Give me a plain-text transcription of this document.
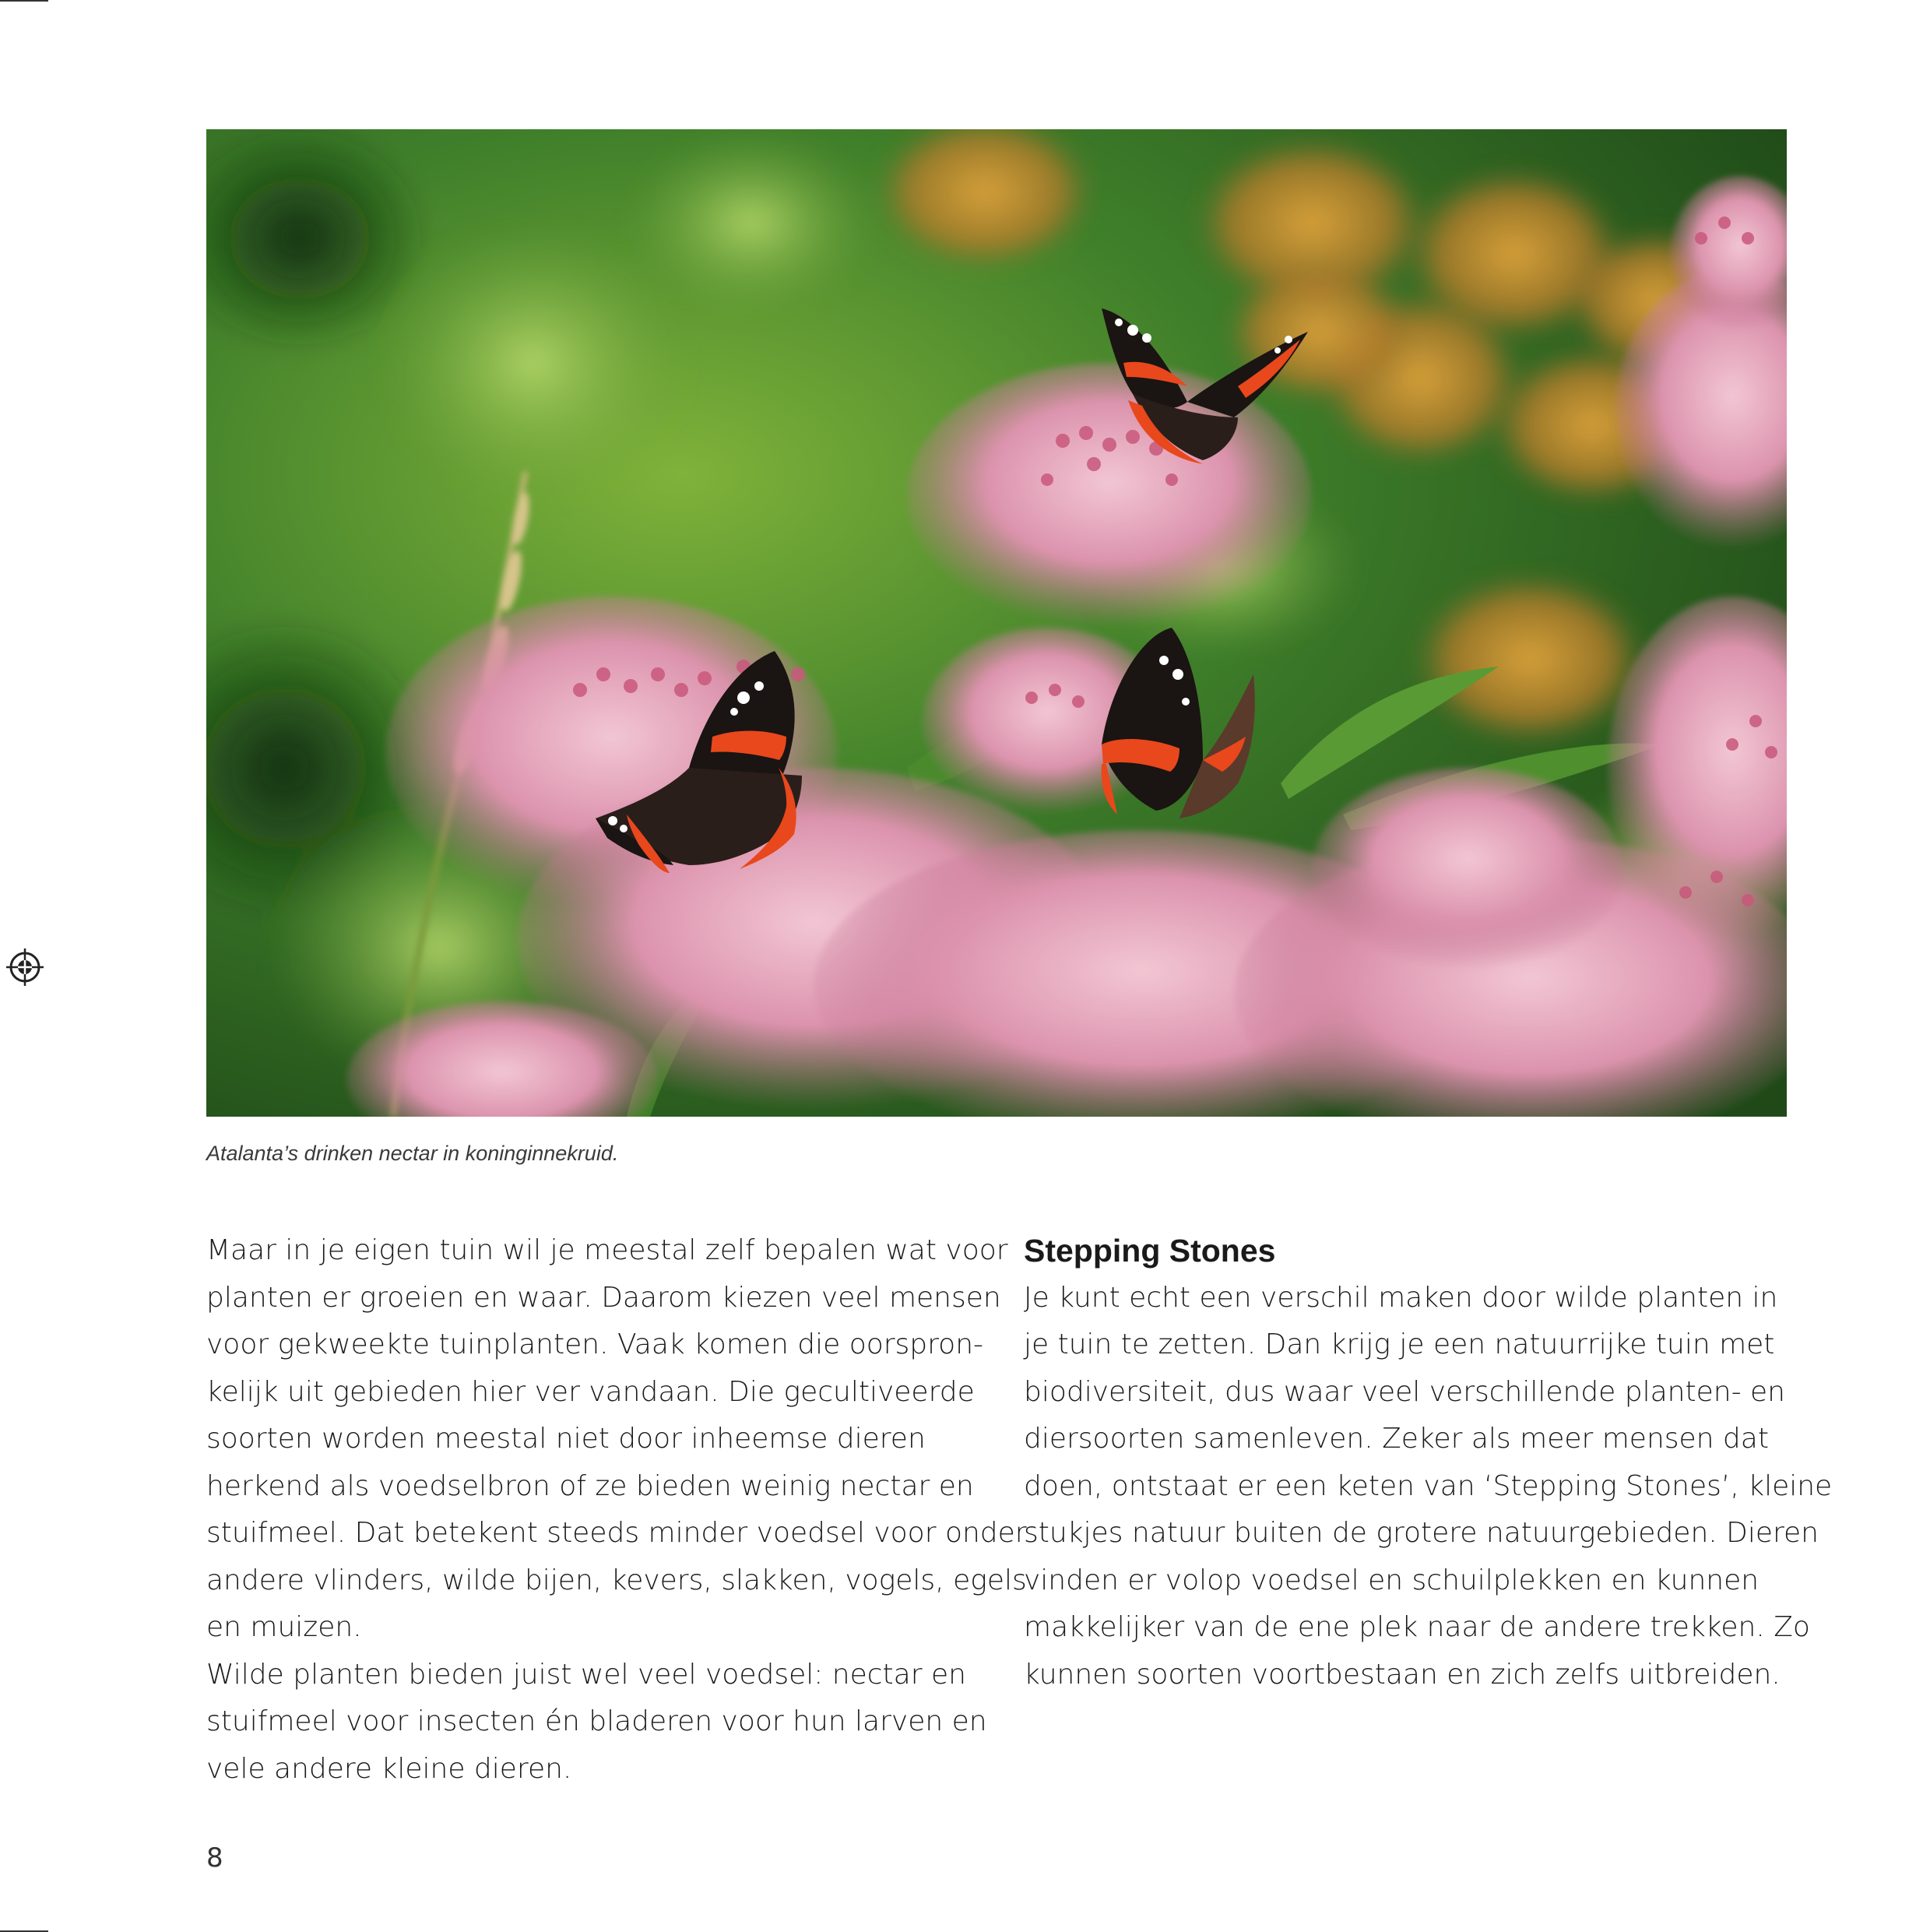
Atalanta’s drinken nectar in koninginnekruid.

Maar in je eigen tuin wil je meestal zelf bepalen wat voor
planten er groeien en waar. Daarom kiezen veel mensen
voor gekweekte tuinplanten. Vaak komen die oorspron-
kelijk uit gebieden hier ver vandaan. Die gecultiveerde
soorten worden meestal niet door inheemse dieren
herkend als voedselbron of ze bieden weinig nectar en
stuifmeel. Dat betekent steeds minder voedsel voor onder
andere vlinders, wilde bijen, kevers, slakken, vogels, egels
en muizen.

Wilde planten bieden juist wel veel voedsel: nectar en
stuifmeel voor insecten én bladeren voor hun larven en
vele andere kleine dieren.

Stepping Stones

Je kunt echt een verschil maken door wilde planten in
je tuin te zetten. Dan krijg je een natuurrijke tuin met
biodiversiteit, dus waar veel verschillende planten- en
diersoorten samenleven. Zeker als meer mensen dat
doen, ontstaat er een keten van ‘Stepping Stones’, kleine
stukjes natuur buiten de grotere natuurgebieden. Dieren
vinden er volop voedsel en schuilplekken en kunnen
makkelijker van de ene plek naar de andere trekken. Zo
kunnen soorten voortbestaan en zich zelfs uitbreiden.

8
